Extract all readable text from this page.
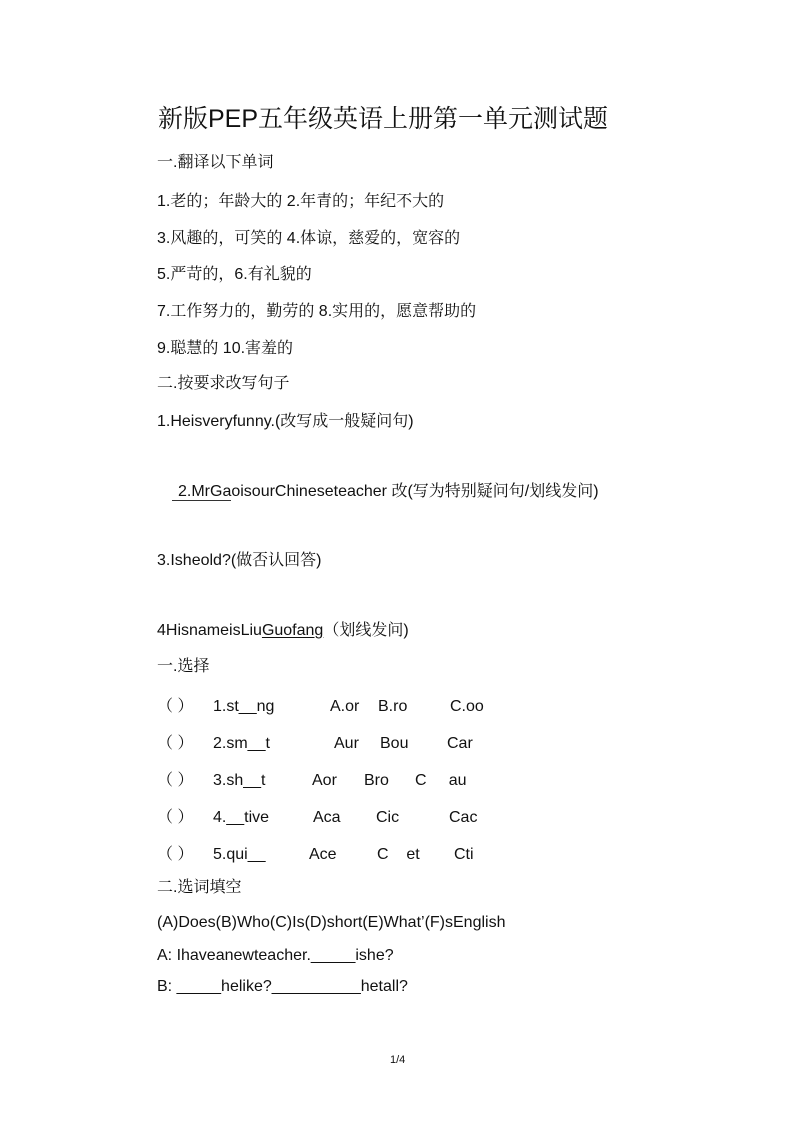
新版PEP五年级英语上册第一单元测试题
一.翻译以下单词
1.老的；年龄大的 2.年青的；年纪不大的
3.风趣的，可笑的 4.体谅，慈爱的，宽容的
5.严苛的，6.有礼貌的
7.工作努力的，勤劳的 8.实用的，愿意帮助的
9.聪慧的 10.害羞的
二.按要求改写句子
1.Heisveryfunny.(改写成一般疑问句)
2.MrGaoisourChineseteacher 改(写为特别疑问句/划线发问)
3.Isheold?(做否认回答)
4HisnameisLiuGuofang（划线发问)
一.选择
（ ） 1.st__ng	A.or B.ro	C.oo
（ ） 2.sm__t	Aur Bou Car
（ ） 3.sh__t	Aor Bro C     au
（ ） 4.__tive	Aca Cic	Cac
（ ） 5.qui__	Ace	C    et Cti
二.选词填空
(A)Does(B)Who(C)Is(D)short(E)What’(F)sEnglish
A: Ihaveanewteacher._____ishe?
B: _____helike?__________hetall?
1/4
